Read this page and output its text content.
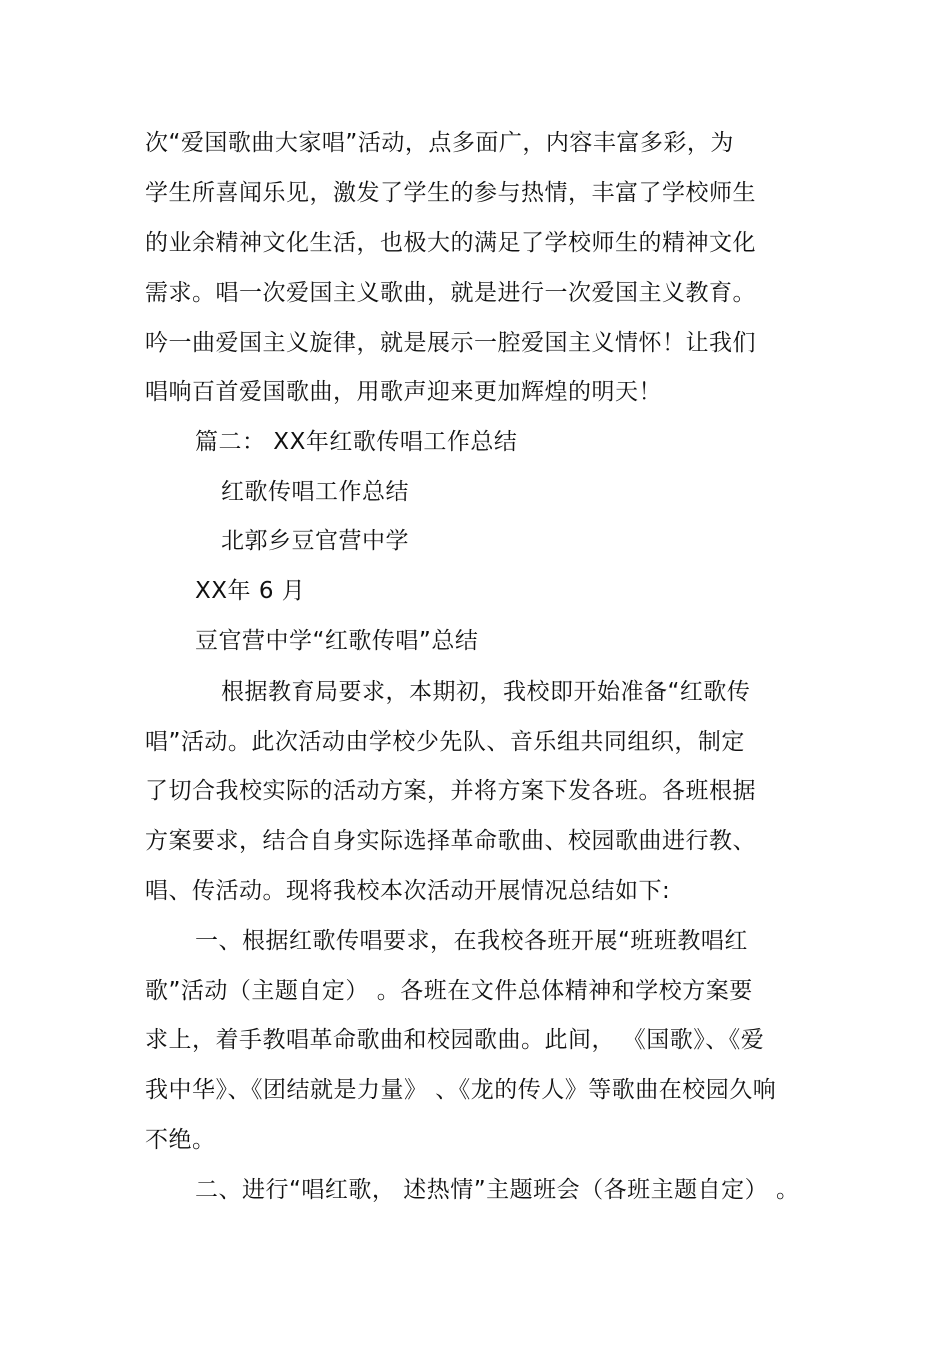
次“爱国歌曲大家唱”活动，点多面广，内容丰富多彩，为
学生所喜闻乐见，激发了学生的参与热情，丰富了学校师生
的业余精神文化生活，也极大的满足了学校师生的精神文化
需求。唱一次爱国主义歌曲，就是进行一次爱国主义教育。
吟一曲爱国主义旋律，就是展示一腔爱国主义情怀！让我们
唱响百首爱国歌曲，用歌声迎来更加辉煌的明天！
篇二： XX年红歌传唱工作总结
红歌传唱工作总结
北郭乡豆官营中学
XX年 6 月
豆官营中学“红歌传唱”总结
根据教育局要求，本期初，我校即开始准备“红歌传
唱”活动。此次活动由学校少先队、音乐组共同组织，制定
了切合我校实际的活动方案，并将方案下发各班。各班根据
方案要求，结合自身实际选择革命歌曲、校园歌曲进行教、
唱、传活动。现将我校本次活动开展情况总结如下:
一、根据红歌传唱要求，在我校各班开展“班班教唱红
歌”活动（主题自定） 。各班在文件总体精神和学校方案要
求上，着手教唱革命歌曲和校园歌曲。此间， 《国歌》、《爱
我中华》、《团结就是力量》 、《龙的传人》等歌曲在校园久响
不绝。
二、进行“唱红歌， 述热情”主题班会（各班主题自定） 。
